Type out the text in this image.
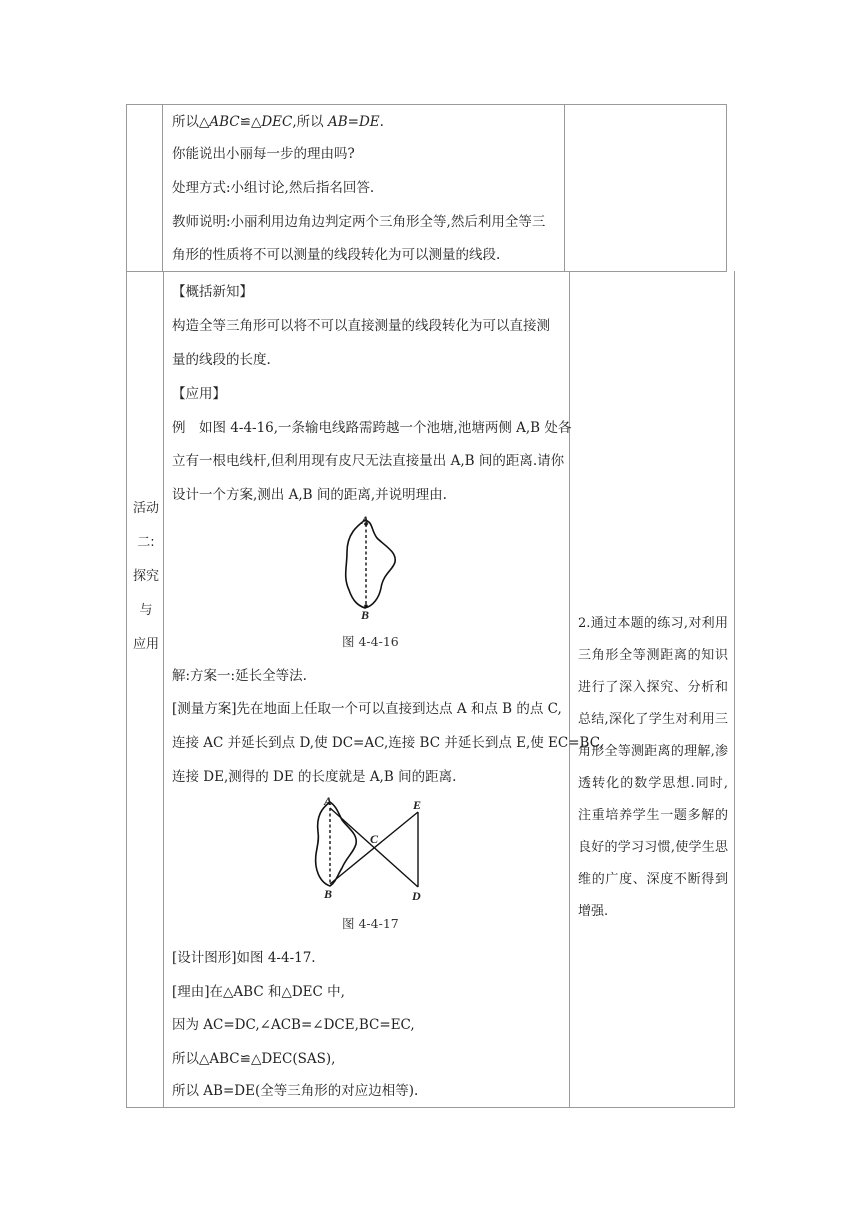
所以△ABC≌△DEC,所以 AB=DE.
你能说出小丽每一步的理由吗?
处理方式:小组讨论,然后指名回答.
教师说明:小丽利用边角边判定两个三角形全等,然后利用全等三
角形的性质将不可以测量的线段转化为可以测量的线段.
活动
二:
探究
与
应用
【概括新知】
构造全等三角形可以将不可以直接测量的线段转化为可以直接测
量的线段的长度.
【应用】
例　如图 4-4-16,一条输电线路需跨越一个池塘,池塘两侧 A,B 处各
立有一根电线杆,但利用现有皮尺无法直接量出 A,B 间的距离.请你
设计一个方案,测出 A,B 间的距离,并说明理由.
A
B
图 4-4-16
解:方案一:延长全等法.
[测量方案]先在地面上任取一个可以直接到达点 A 和点 B 的点 C,
连接 AC 并延长到点 D,使 DC=AC,连接 BC 并延长到点 E,使 EC=BC,
连接 DE,测得的 DE 的长度就是 A,B 间的距离.
A
B
C
D
E
图 4-4-17
[设计图形]如图 4-4-17.
[理由]在△ABC 和△DEC 中,
因为 AC=DC,∠ACB=∠DCE,BC=EC,
所以△ABC≌△DEC(SAS),
所以 AB=DE(全等三角形的对应边相等).
2.通过本题的练习,对利用三角形全等测距离的知识进行了深入探究、分析和总结,深化了学生对利用三角形全等测距离的理解,渗透转化的数学思想.同时,注重培养学生一题多解的良好的学习习惯,使学生思维的广度、深度不断得到增强.
